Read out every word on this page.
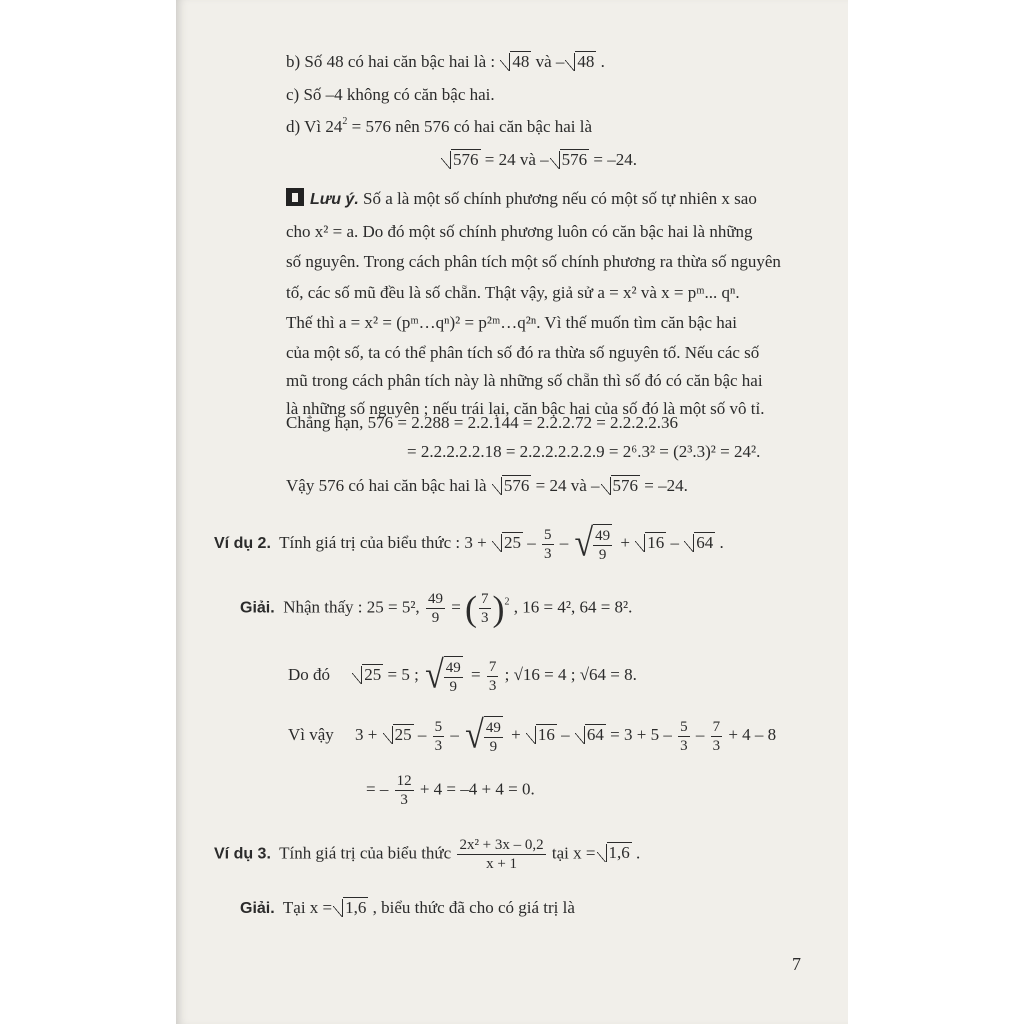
b) Số 48 có hai căn bậc hai là : 48 và – 48 .
c) Số –4 không có căn bậc hai.
d) Vì $24^2 = 576$ nên 576 có hai căn bậc hai là
576 = 24 và – 576 = –24.
Lưu ý. Số a là một số chính phương nếu có một số tự nhiên x sao
cho x² = a. Do đó một số chính phương luôn có căn bậc hai là những
số nguyên. Trong cách phân tích một số chính phương ra thừa số nguyên
tố, các số mũ đều là số chẵn. Thật vậy, giả sử a = x² và x = pᵐ... qⁿ.
Thế thì a = x² = (pᵐ…qⁿ)² = p²ᵐ…q²ⁿ. Vì thế muốn tìm căn bậc hai
của một số, ta có thể phân tích số đó ra thừa số nguyên tố. Nếu các số
mũ trong cách phân tích này là những số chẵn thì số đó có căn bậc hai
là những số nguyên ; nếu trái lại, căn bậc hai của số đó là một số vô tỉ.
Chẳng hạn, 576 = 2.288 = 2.2.144 = 2.2.2.72 = 2.2.2.2.36
= 2.2.2.2.2.18 = 2.2.2.2.2.2.9 = 2⁶.3² = (2³.3)² = 24².
Vậy 576 có hai căn bậc hai là 576 = 24 và – 576 = –24.
Ví dụ 2. Tính giá trị của biểu thức : $3 + 25 - \frac{5}{3}$ – √ $\frac{49}{9} + 16 - 64$ .
Giải. Nhận thấy : 25 = 5², $\frac{49}{9}$ = ( $\frac{7}{3} )^2$ , 16 = 4², 64 = 8².
Do đó 25 = 5 ; √ $\frac{49}{9} = \frac{7}{3}$ ; √16 = 4 ; √64 = 8.
Vì vậy     $3 + 25 - \frac{5}{3}$ – √ $\frac{49}{9} + 16 - 64 = 3 + 5 - \frac{5}{3} - \frac{7}{3} + 4 - 8$
= – $\frac{12}{3} + 4 = -4 + 4 = 0$.
Ví dụ 3. Tính giá trị của biểu thức $\frac{\text{2x² + 3x – 0,2}}{x + 1}$ tại x = 1,6 .
Giải. Tại x = 1,6 , biểu thức đã cho có giá trị là
7
